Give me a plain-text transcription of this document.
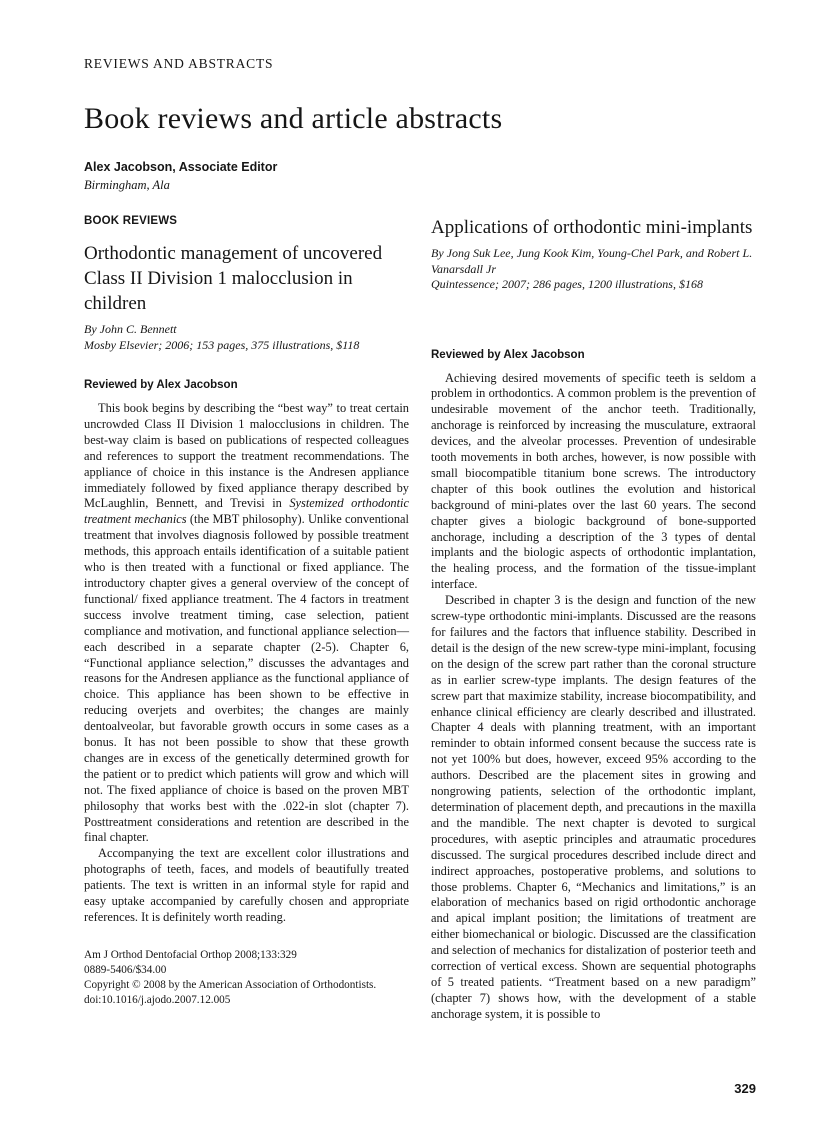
REVIEWS AND ABSTRACTS
Book reviews and article abstracts
Alex Jacobson, Associate Editor
Birmingham, Ala
BOOK REVIEWS
Orthodontic management of uncovered Class II Division 1 malocclusion in children
By John C. Bennett
Mosby Elsevier; 2006; 153 pages, 375 illustrations, $118
Reviewed by Alex Jacobson

This book begins by describing the “best way” to treat certain uncrowded Class II Division 1 malocclusions in children. The best-way claim is based on publications of respected colleagues and references to support the treatment recommendations. The appliance of choice in this instance is the Andresen appliance immediately followed by fixed appliance therapy described by McLaughlin, Bennett, and Trevisi in Systemized orthodontic treatment mechanics (the MBT philosophy). Unlike conventional treatment that involves diagnosis followed by possible treatment methods, this approach entails identification of a suitable patient who is then treated with a functional or fixed appliance. The introductory chapter gives a general overview of the concept of functional/ fixed appliance treatment. The 4 factors in treatment success involve treatment timing, case selection, patient compliance and motivation, and functional appliance selection—each described in a separate chapter (2-5). Chapter 6, “Functional appliance selection,” discusses the advantages and reasons for the Andresen appliance as the functional appliance of choice. This appliance has been shown to be effective in reducing overjets and overbites; the changes are mainly dentoalveolar, but favorable growth occurs in some cases as a bonus. It has not been possible to show that these growth changes are in excess of the genetically determined growth for the patient or to predict which patients will grow and which will not. The fixed appliance of choice is based on the proven MBT philosophy that works best with the .022-in slot (chapter 7). Posttreatment considerations and retention are described in the final chapter.

Accompanying the text are excellent color illustrations and photographs of teeth, faces, and models of beautifully treated patients. The text is written in an informal style for rapid and easy uptake accompanied by carefully chosen and appropriate references. It is definitely worth reading.

Am J Orthod Dentofacial Orthop 2008;133:329
0889-5406/$34.00
Copyright © 2008 by the American Association of Orthodontists.
doi:10.1016/j.ajodo.2007.12.005
Applications of orthodontic mini-implants
By Jong Suk Lee, Jung Kook Kim, Young-Chel Park, and Robert L. Vanarsdall Jr
Quintessence; 2007; 286 pages, 1200 illustrations, $168
Reviewed by Alex Jacobson

Achieving desired movements of specific teeth is seldom a problem in orthodontics. A common problem is the prevention of undesirable movement of the anchor teeth. Traditionally, anchorage is reinforced by increasing the musculature, extraoral devices, and the alveolar processes. Prevention of undesirable tooth movements in both arches, however, is now possible with small biocompatible titanium bone screws. The introductory chapter of this book outlines the evolution and historical background of mini-plates over the last 60 years. The second chapter gives a biologic background of bone-supported anchorage, including a description of the 3 types of dental implants and the biologic aspects of orthodontic implantation, the healing process, and the formation of the tissue-implant interface.

Described in chapter 3 is the design and function of the new screw-type orthodontic mini-implants. Discussed are the reasons for failures and the factors that influence stability. Described in detail is the design of the new screw-type mini-implant, focusing on the design of the screw part rather than the coronal structure as in earlier screw-type implants. The design features of the screw part that maximize stability, increase biocompatibility, and enhance clinical efficiency are clearly described and illustrated. Chapter 4 deals with planning treatment, with an important reminder to obtain informed consent because the success rate is not yet 100% but does, however, exceed 95% according to the authors. Described are the placement sites in growing and nongrowing patients, selection of the orthodontic implant, determination of placement depth, and precautions in the maxilla and the mandible. The next chapter is devoted to surgical procedures, with aseptic principles and atraumatic procedures discussed. The surgical procedures described include direct and indirect approaches, postoperative problems, and solutions to those problems. Chapter 6, “Mechanics and limitations,” is an elaboration of mechanics based on rigid orthodontic anchorage and apical implant position; the limitations of treatment are either biomechanical or biologic. Discussed are the classification and selection of mechanics for distalization of posterior teeth and correction of vertical excess. Shown are sequential photographs of 5 treated patients. “Treatment based on a new paradigm” (chapter 7) shows how, with the development of a stable anchorage system, it is possible to

329
